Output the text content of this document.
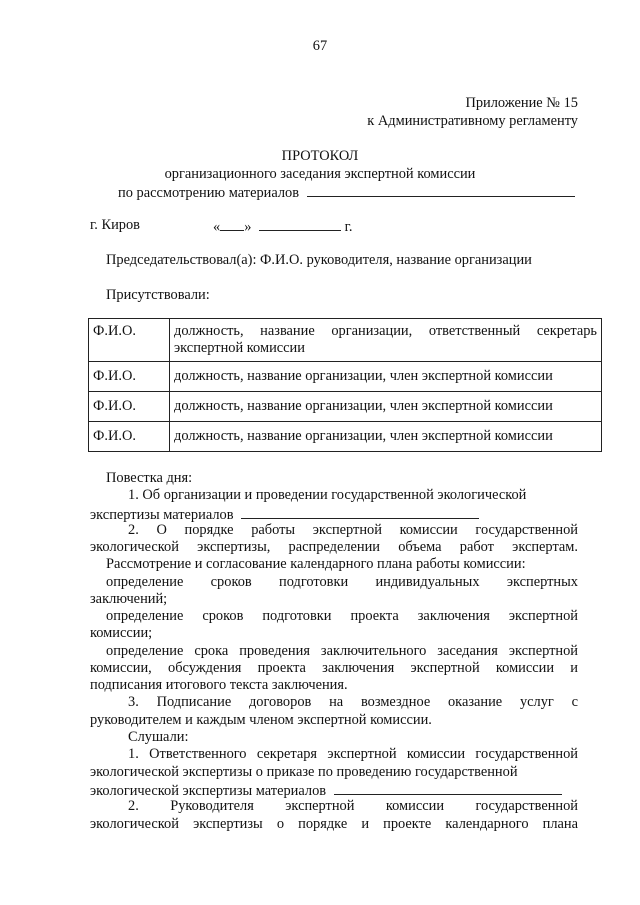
67
Приложение № 15
к Административному регламенту
ПРОТОКОЛ
организационного заседания экспертной комиссии
по рассмотрению материалов
г. Киров	« »	г.
Председательствовал(а): Ф.И.О. руководителя, название организации
Присутствовали:
Ф.И.О.	должность, название организации, ответственный секретарь
экспертной комиссии
Ф.И.О.	должность, название организации, член экспертной комиссии
Ф.И.О.	должность, название организации, член экспертной комиссии
Ф.И.О.	должность, название организации, член экспертной комиссии
Повестка дня:
1. Об организации и проведении государственной экологической
экспертизы материалов
2. О порядке работы экспертной комиссии государственной
экологической экспертизы, распределении объема работ экспертам.
Рассмотрение и согласование календарного плана работы комиссии:
определение сроков подготовки индивидуальных экспертных
заключений;
определение сроков подготовки проекта заключения экспертной
комиссии;
определение срока проведения заключительного заседания экспертной
комиссии, обсуждения проекта заключения экспертной комиссии и
подписания итогового текста заключения.
3. Подписание договоров на возмездное оказание услуг с
руководителем и каждым членом экспертной комиссии.
Слушали:
1. Ответственного секретаря экспертной комиссии государственной
экологической экспертизы о приказе по проведению государственной
экологической экспертизы материалов
2. Руководителя экспертной комиссии государственной
экологической экспертизы о порядке и проекте календарного плана
